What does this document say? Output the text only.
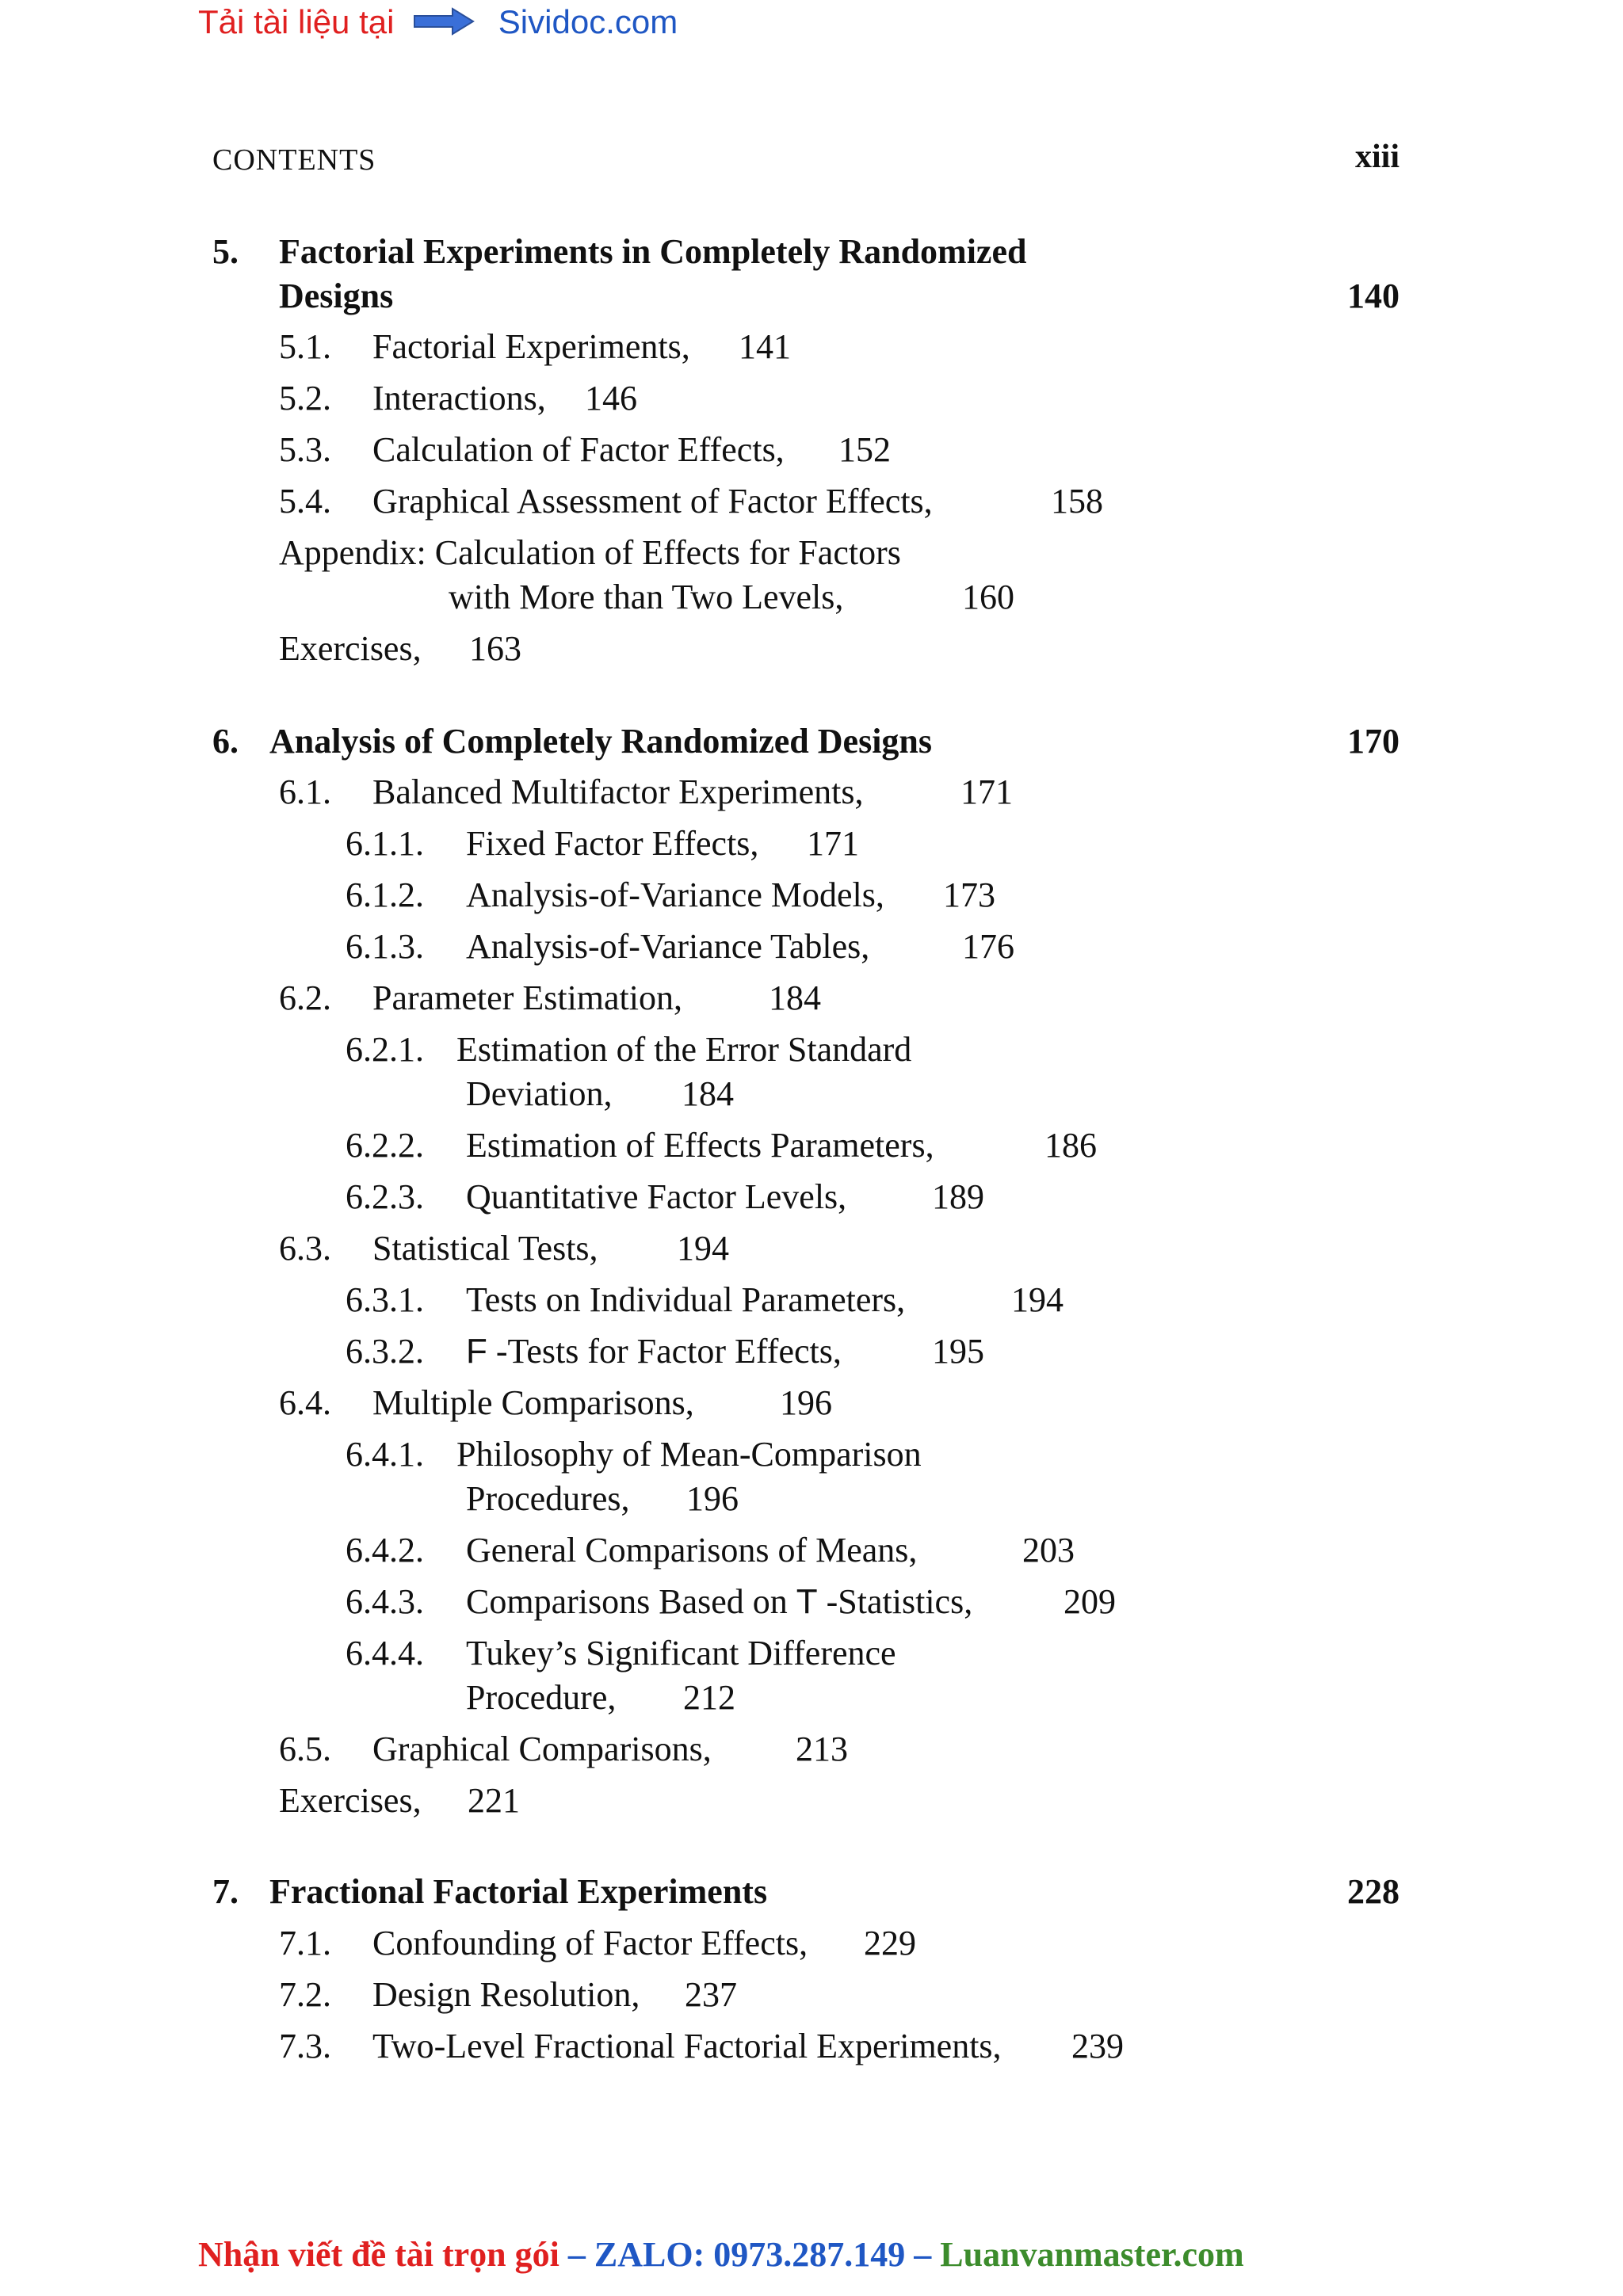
Tải tài liệu tại	Sividoc.com
CONTENTS	xiii
5. Factorial Experiments in Completely Randomized
Designs	140
5.1. Factorial Experiments, 141
5.2. Interactions, 146
5.3. Calculation of Factor Effects, 152
5.4. Graphical Assessment of Factor Effects,	158
Appendix: Calculation of Effects for Factors
with More than Two Levels,	160
Exercises, 163
6. Analysis of Completely Randomized Designs	170
6.1. Balanced Multifactor Experiments,	171
6.1.1. Fixed Factor Effects, 171
6.1.2. Analysis-of-Variance Models, 173
6.1.3. Analysis-of-Variance Tables,	176
6.2. Parameter Estimation, 184
6.2.1. Estimation of the Error Standard
Deviation, 184
6.2.2. Estimation of Effects Parameters,	186
6.2.3. Quantitative Factor Levels, 189
6.3. Statistical Tests, 194
6.3.1. Tests on Individual Parameters,	194
6.3.2. F -Tests for Factor Effects,	195
6.4. Multiple Comparisons, 196
6.4.1. Philosophy of Mean-Comparison
Procedures, 196
6.4.2. General Comparisons of Means,	203
6.4.3. Comparisons Based on T -Statistics,	209
6.4.4. Tukey’s Significant Difference
Procedure, 212
6.5. Graphical Comparisons, 213
Exercises, 221
7. Fractional Factorial Experiments	228
7.1. Confounding of Factor Effects, 229
7.2. Design Resolution, 237
7.3. Two-Level Fractional Factorial Experiments, 239
Nhận viết đề tài trọn gói – ZALO: 0973.287.149 – Luanvanmaster.com
